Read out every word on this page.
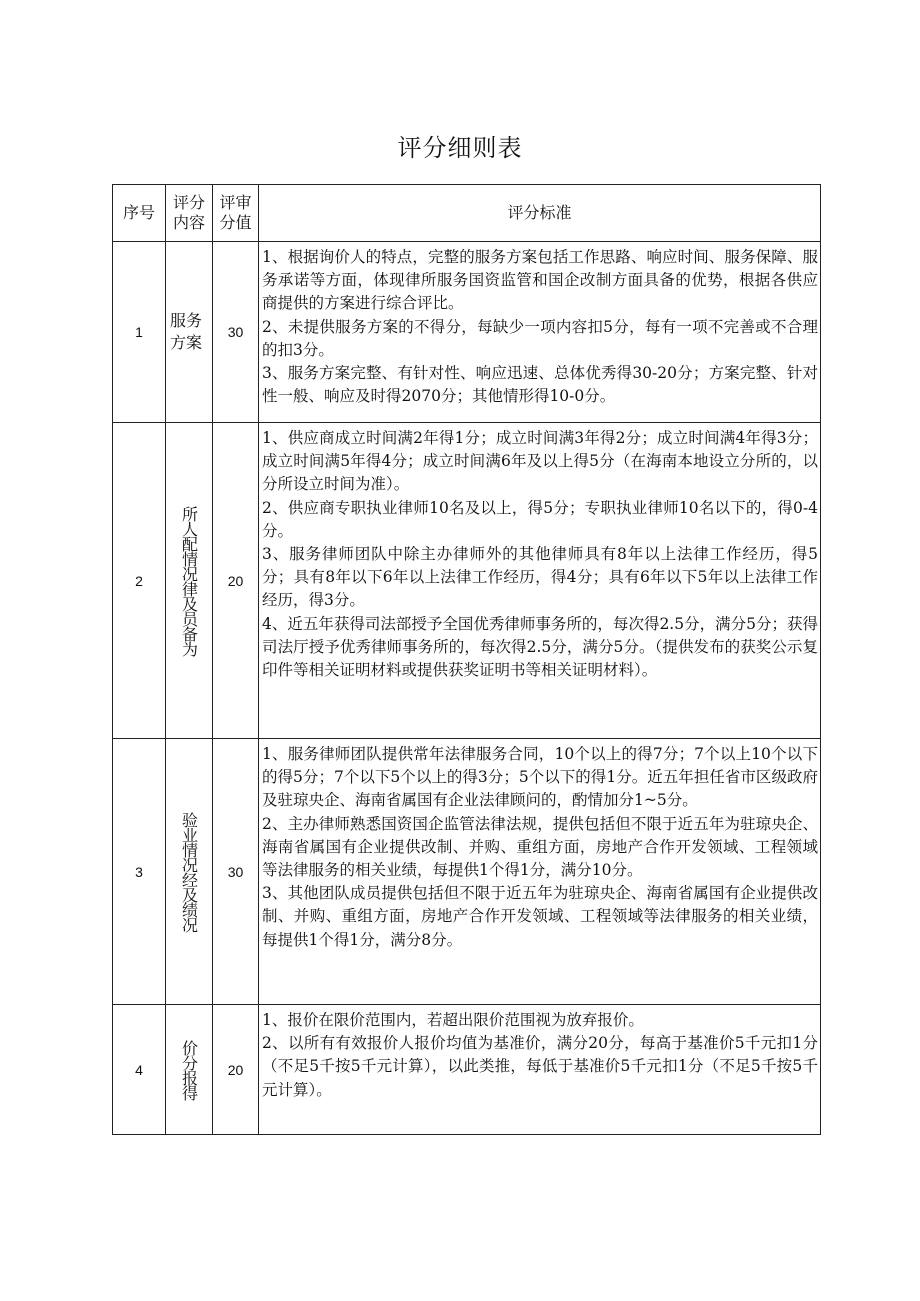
评分细则表
序号	评分内容	评审分值	评分标准
1	服务方案	30	1、根据询价人的特点，完整的服务方案包括工作思路、响应时间、服务保障、服务承诺等方面，体现律所服务国资监管和国企改制方面具备的优势，根据各供应商提供的方案进行综合评比。

2、未提供服务方案的不得分，每缺少一项内容扣5分，每有一项不完善或不合理的扣3分。

3、服务方案完整、有针对性、响应迅速、总体优秀得30-20分；方案完整、针对性一般、响应及时得2070分；其他情形得10-0分。

2	所人配情况律及员备为	20	1、供应商成立时间满2年得1分；成立时间满3年得2分；成立时间满4年得3分；成立时间满5年得4分；成立时间满6年及以上得5分（在海南本地设立分所的，以分所设立时间为准）。

2、供应商专职执业律师10名及以上，得5分；专职执业律师10名以下的，得0-4分。

3、服务律师团队中除主办律师外的其他律师具有8年以上法律工作经历，得5分；具有8年以下6年以上法律工作经历，得4分；具有6年以下5年以上法律工作经历，得3分。

4、近五年获得司法部授予全国优秀律师事务所的，每次得2.5分，满分5分；获得司法厅授予优秀律师事务所的，每次得2.5分，满分5分。（提供发布的获奖公示复印件等相关证明材料或提供获奖证明书等相关证明材料）。

3	验业情况经及绩况	30	1、服务律师团队提供常年法律服务合同，10个以上的得7分；7个以上10个以下的得5分；7个以下5个以上的得3分；5个以下的得1分。近五年担任省市区级政府及驻琼央企、海南省属国有企业法律顾问的，酌情加分1~5分。

2、主办律师熟悉国资国企监管法律法规，提供包括但不限于近五年为驻琼央企、海南省属国有企业提供改制、并购、重组方面，房地产合作开发领域、工程领域等法律服务的相关业绩，每提供1个得1分，满分10分。

3、其他团队成员提供包括但不限于近五年为驻琼央企、海南省属国有企业提供改制、并购、重组方面，房地产合作开发领域、工程领域等法律服务的相关业绩，每提供1个得1分，满分8分。

4	价分报得	20	1、报价在限价范围内，若超出限价范围视为放弃报价。

2、以所有有效报价人报价均值为基准价，满分20分，每高于基准价5千元扣1分（不足5千按5千元计算），以此类推，每低于基准价5千元扣1分（不足5千按5千元计算）。
